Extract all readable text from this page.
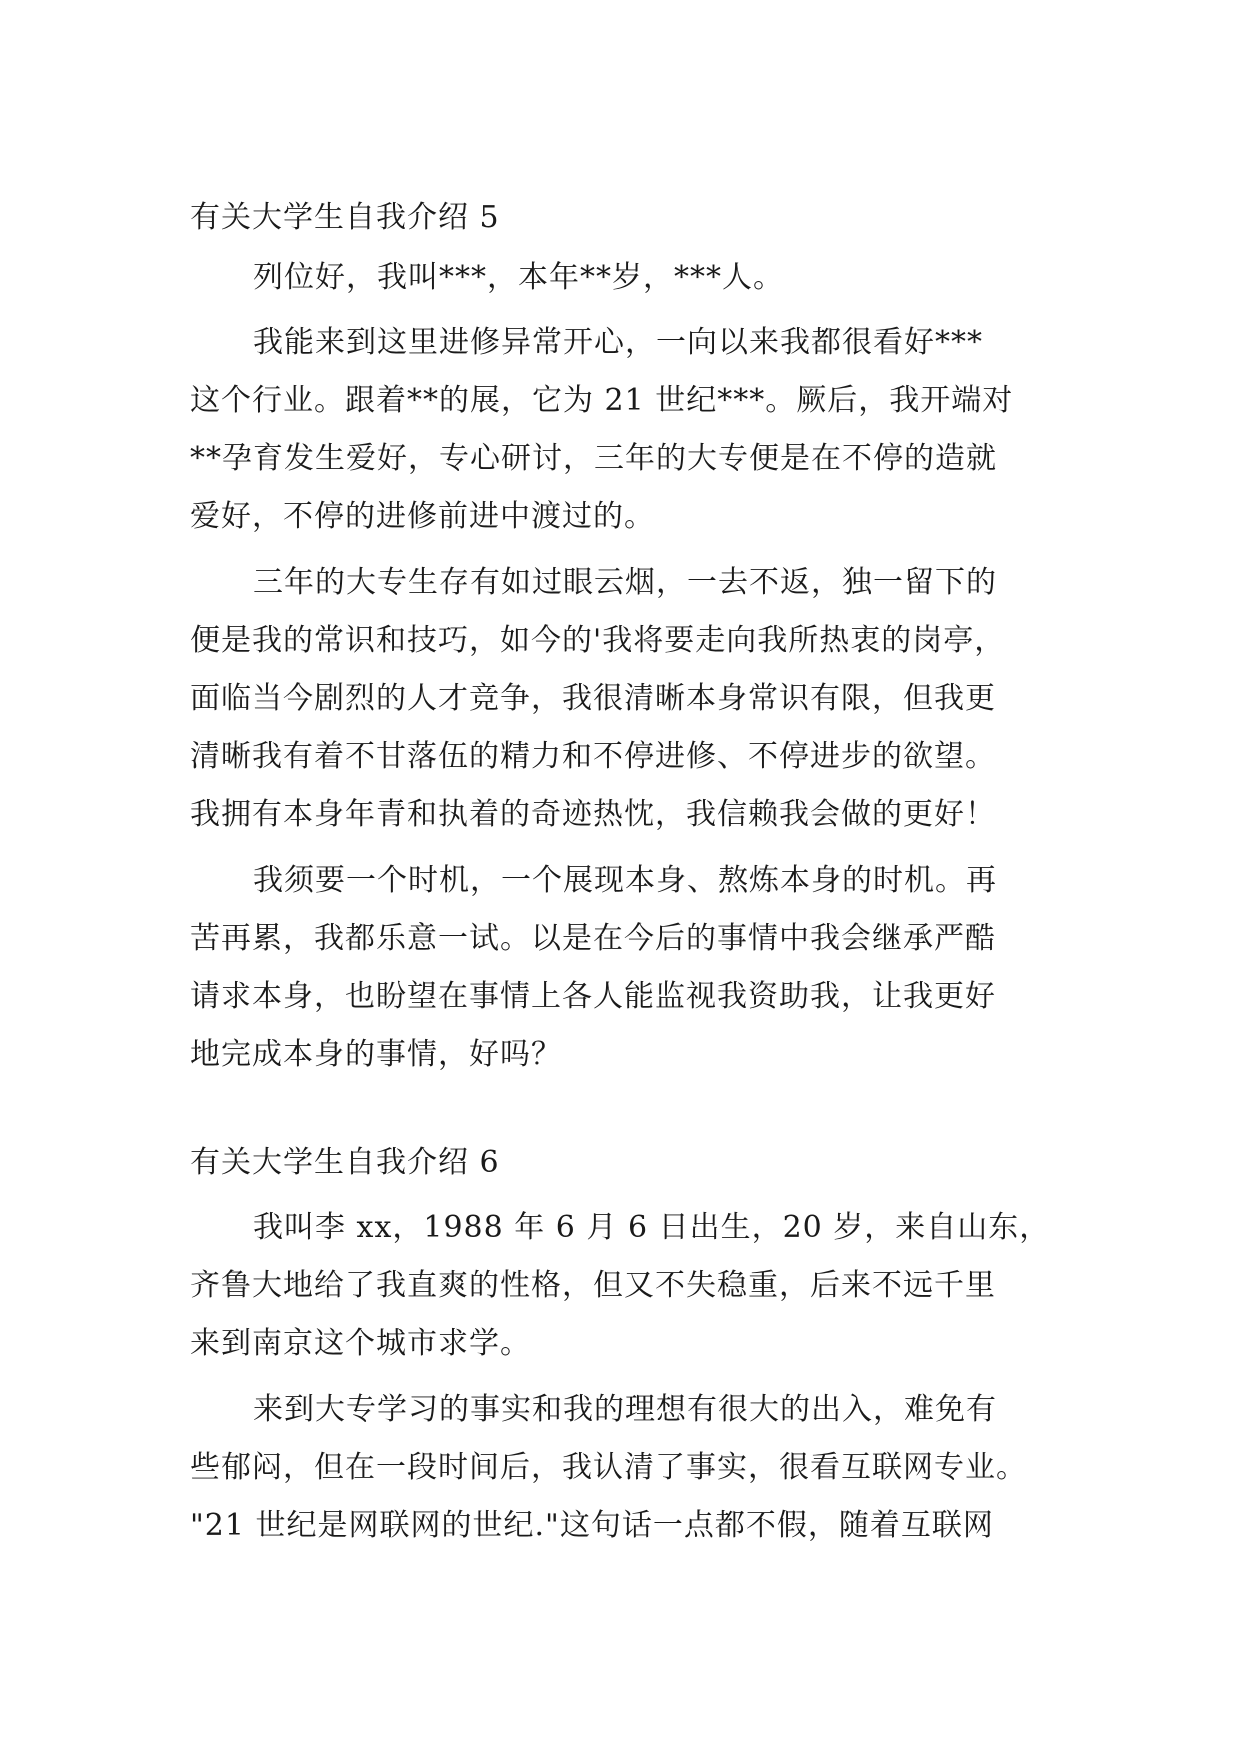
有关大学生自我介绍 5
列位好，我叫***，本年**岁，***人。
我能来到这里进修异常开心，一向以来我都很看好***
这个行业。跟着**的展，它为 21 世纪***。厥后，我开端对
**孕育发生爱好，专心研讨，三年的大专便是在不停的造就
爱好，不停的进修前进中渡过的。
三年的大专生存有如过眼云烟，一去不返，独一留下的
便是我的常识和技巧，如今的'我将要走向我所热衷的岗亭，
面临当今剧烈的人才竞争，我很清晰本身常识有限，但我更
清晰我有着不甘落伍的精力和不停进修、不停进步的欲望。
我拥有本身年青和执着的奇迹热忱，我信赖我会做的更好！
我须要一个时机，一个展现本身、熬炼本身的时机。再
苦再累，我都乐意一试。以是在今后的事情中我会继承严酷
请求本身，也盼望在事情上各人能监视我资助我，让我更好
地完成本身的事情，好吗？
有关大学生自我介绍 6
我叫李 xx，1988 年 6 月 6 日出生，20 岁，来自山东，
齐鲁大地给了我直爽的性格，但又不失稳重，后来不远千里
来到南京这个城市求学。
来到大专学习的事实和我的理想有很大的出入，难免有
些郁闷，但在一段时间后，我认清了事实，很看互联网专业。
"21 世纪是网联网的世纪."这句话一点都不假，随着互联网
